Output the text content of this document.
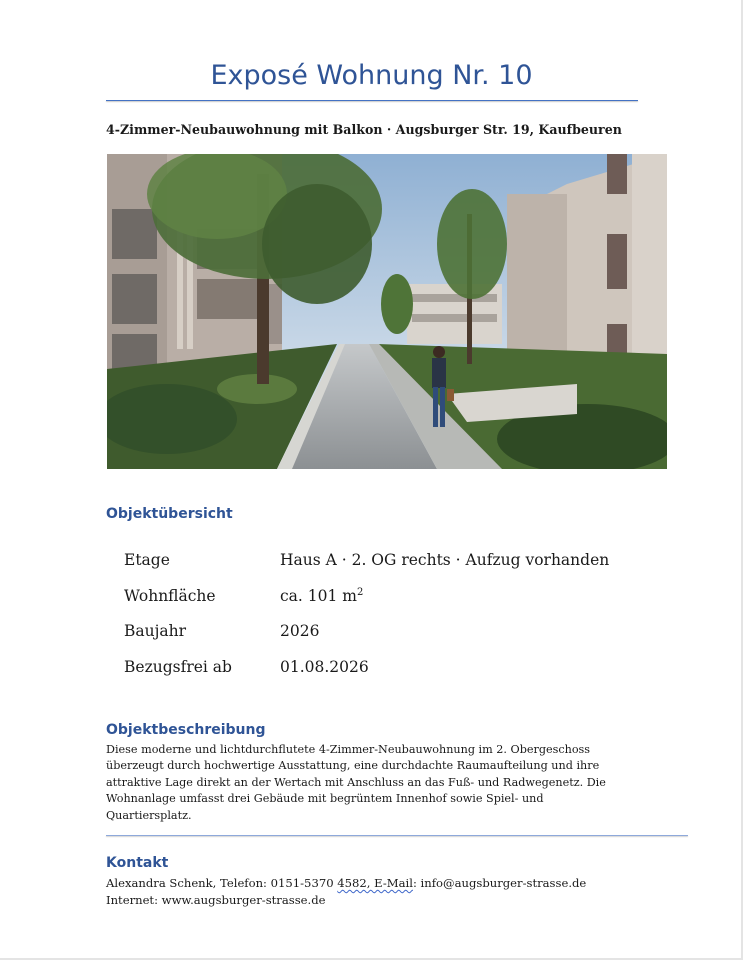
Exposé Wohnung Nr. 10
4-Zimmer-Neubauwohnung mit Balkon · Augsburger Str. 19, Kaufbeuren
Objektübersicht
Etage	Haus A · 2. OG rechts · Aufzug vorhanden
Wohnfläche	ca. 101 $m^2$
Baujahr	2026
Bezugsfrei ab	01.08.2026
Objektbeschreibung
Diese moderne und lichtdurchflutete 4-Zimmer-Neubauwohnung im 2. Obergeschoss
überzeugt durch hochwertige Ausstattung, eine durchdachte Raumaufteilung und ihre
attraktive Lage direkt an der Wertach mit Anschluss an das Fuß- und Radwegenetz. Die
Wohnanlage umfasst drei Gebäude mit begrüntem Innenhof sowie Spiel- und
Quartiersplatz.
Kontakt
Alexandra Schenk, Telefon: 0151-5370 4582, E-Mail: info@augsburger-strasse.de
Internet: www.augsburger-strasse.de
